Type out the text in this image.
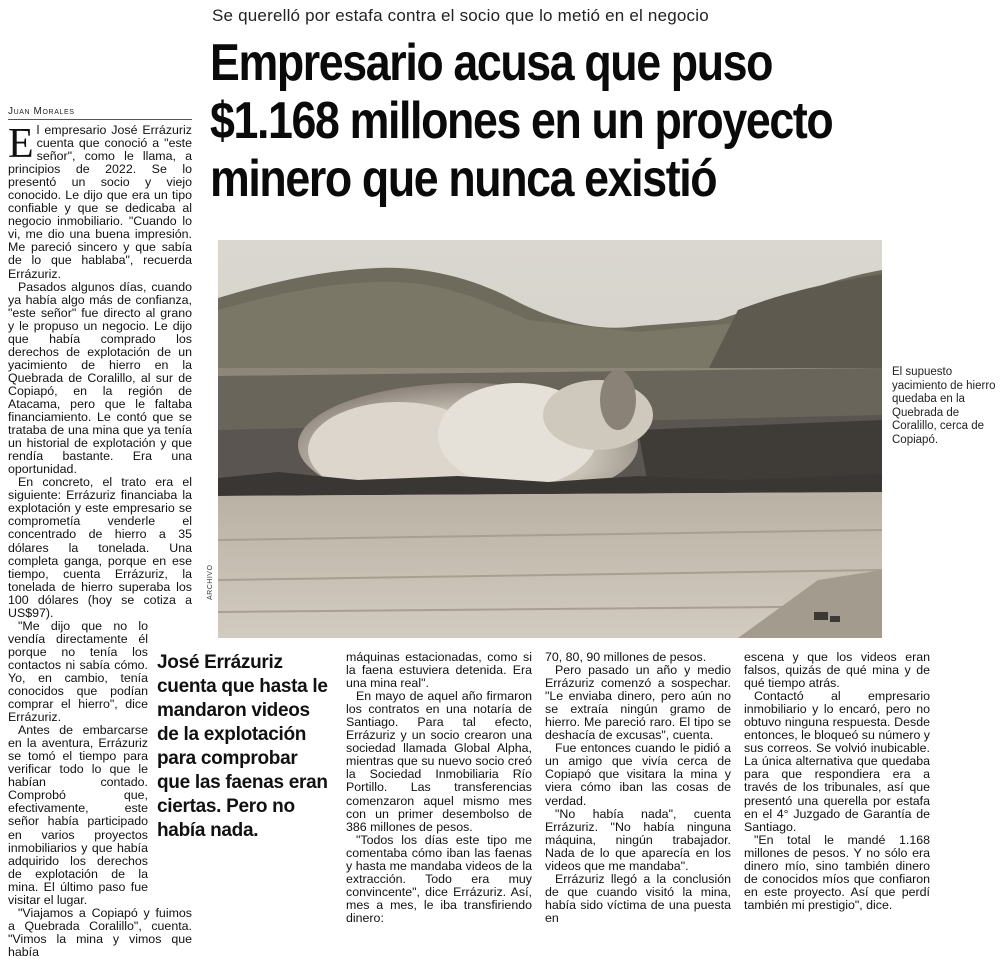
Se querelló por estafa contra el socio que lo metió en el negocio
Empresario acusa que puso
$1.168 millones en un proyecto
minero que nunca existió
Juan Morales

El empresario José Errázuriz cuenta que conoció a "este señor", como le llama, a principios de 2022. Se lo presentó un socio y viejo conocido. Le dijo que era un tipo confiable y que se dedicaba al negocio inmobiliario. "Cuando lo vi, me dio una buena impresión. Me pareció sincero y que sabía de lo que hablaba", recuerda Errázuriz.

Pasados algunos días, cuando ya había algo más de confianza, "este señor" fue directo al grano y le propuso un negocio. Le dijo que había comprado los derechos de explotación de un yacimiento de hierro en la Quebrada de Coralillo, al sur de Copiapó, en la región de Atacama, pero que le faltaba financiamiento. Le contó que se trataba de una mina que ya tenía un historial de explotación y que rendía bastante. Era una oportunidad.

En concreto, el trato era el siguiente: Errázuriz financiaba la explotación y este empresario se comprometía venderle el concentrado de hierro a 35 dólares la tonelada. Una completa ganga, porque en ese tiempo, cuenta Errázuriz, la tonelada de hierro superaba los 100 dólares (hoy se cotiza a US$97).

"Me dijo que no lo vendía directamente él porque no tenía los contactos ni sabía cómo. Yo, en cambio, tenía conocidos que podían comprar el hierro", dice Errázuriz.

Antes de embarcarse en la aventura, Errázuriz se tomó el tiempo para verificar todo lo que le habían contado. Comprobó que, efectivamente, este señor había participado en varios proyectos inmobiliarios y que había adquirido los derechos de explotación de la mina. El último paso fue visitar el lugar.

"Viajamos a Copiapó y fuimos a Quebrada Coralillo", cuenta. "Vimos la mina y vimos que había

ARCHIVO
El supuesto yacimiento de hierro quedaba en la Quebrada de Coralillo, cerca de Copiapó.
José Errázuriz cuenta que hasta le mandaron videos de la explotación para comprobar que las faenas eran ciertas. Pero no había nada.

máquinas estacionadas, como si la faena estuviera detenida. Era una mina real".

En mayo de aquel año firmaron los contratos en una notaría de Santiago. Para tal efecto, Errázuriz y un socio crearon una sociedad llamada Global Alpha, mientras que su nuevo socio creó la Sociedad Inmobiliaria Río Portillo. Las transferencias comenzaron aquel mismo mes con un primer desembolso de 386 millones de pesos.

"Todos los días este tipo me comentaba cómo iban las faenas y hasta me mandaba videos de la extracción. Todo era muy convincente", dice Errázuriz. Así, mes a mes, le iba transfiriendo dinero:

70, 80, 90 millones de pesos.

Pero pasado un año y medio Errázuriz comenzó a sospechar. "Le enviaba dinero, pero aún no se extraía ningún gramo de hierro. Me pareció raro. El tipo se deshacía de excusas", cuenta.

Fue entonces cuando le pidió a un amigo que vivía cerca de Copiapó que visitara la mina y viera cómo iban las cosas de verdad.

"No había nada", cuenta Errázuriz. "No había ninguna máquina, ningún trabajador. Nada de lo que aparecía en los videos que me mandaba".

Errázuriz llegó a la conclusión de que cuando visitó la mina, había sido víctima de una puesta en

escena y que los videos eran falsos, quizás de qué mina y de qué tiempo atrás.

Contactó al empresario inmobiliario y lo encaró, pero no obtuvo ninguna respuesta. Desde entonces, le bloqueó su número y sus correos. Se volvió inubicable. La única alternativa que quedaba para que respondiera era a través de los tribunales, así que presentó una querella por estafa en el 4° Juzgado de Garantía de Santiago.

"En total le mandé 1.168 millones de pesos. Y no sólo era dinero mío, sino también dinero de conocidos míos que confiaron en este proyecto. Así que perdí también mi prestigio", dice.
